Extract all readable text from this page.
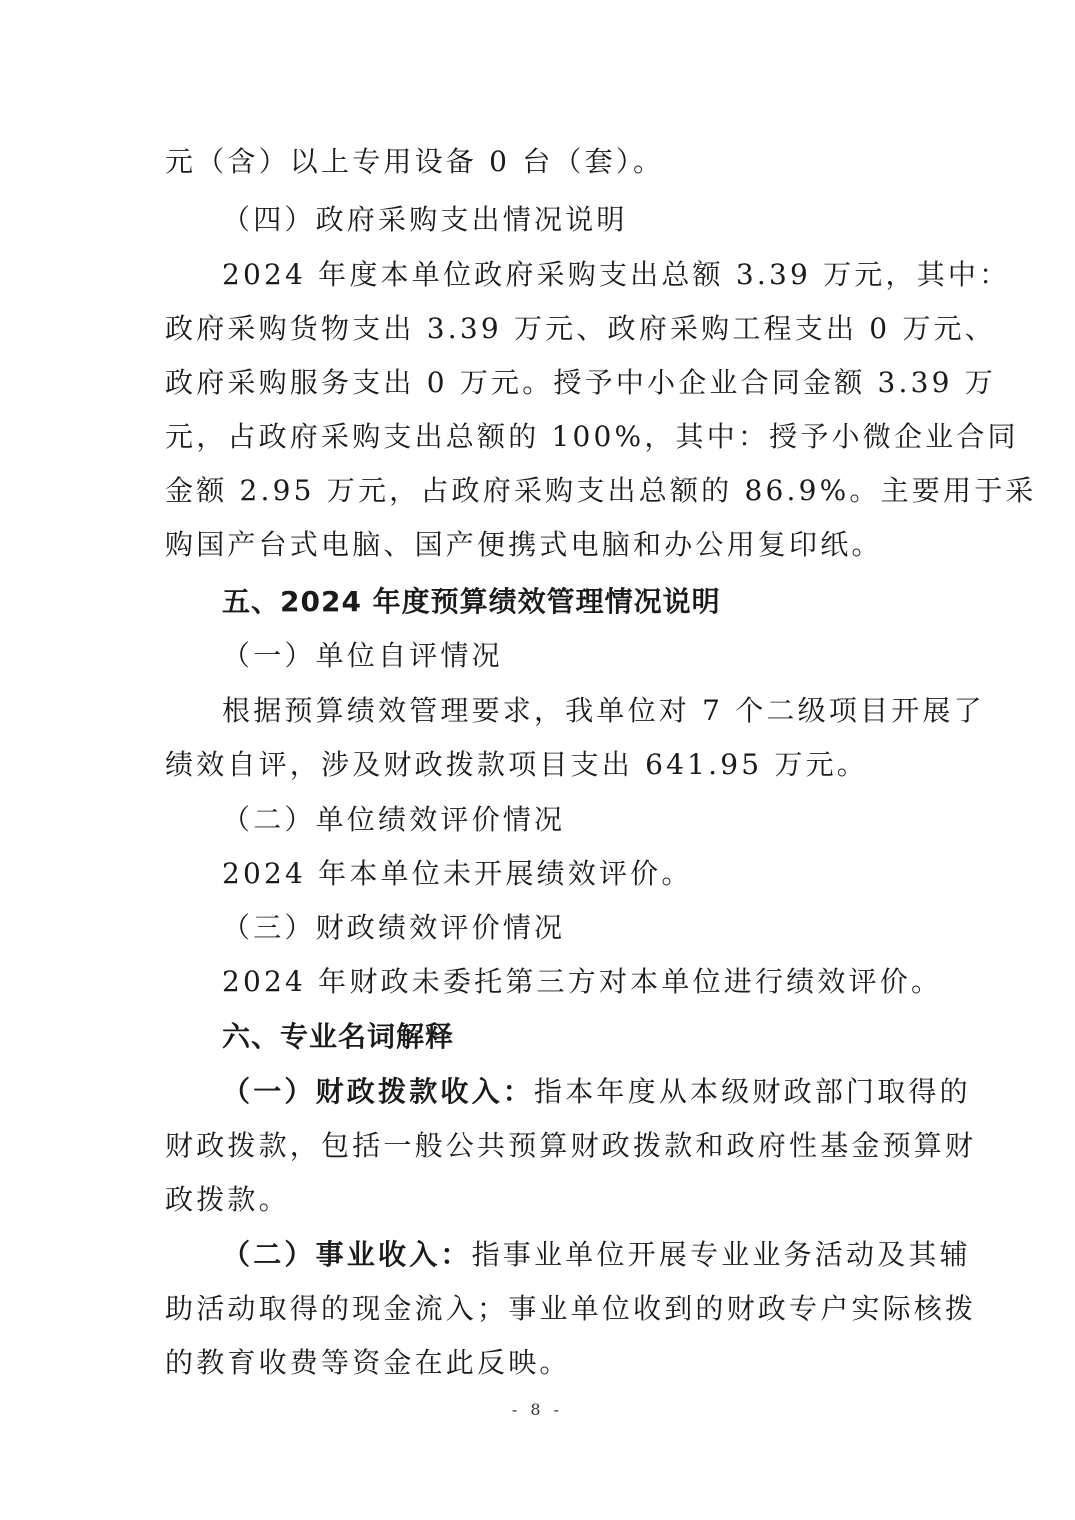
元（含）以上专用设备 0 台（套）。
（四）政府采购支出情况说明
2024 年度本单位政府采购支出总额 3.39 万元，其中：
政府采购货物支出 3.39 万元、政府采购工程支出 0 万元、
政府采购服务支出 0 万元。授予中小企业合同金额 3.39 万
元，占政府采购支出总额的 100%，其中：授予小微企业合同
金额 2.95 万元，占政府采购支出总额的 86.9%。主要用于采
购国产台式电脑、国产便携式电脑和办公用复印纸。
五、2024 年度预算绩效管理情况说明
（一）单位自评情况
根据预算绩效管理要求，我单位对 7 个二级项目开展了
绩效自评，涉及财政拨款项目支出 641.95 万元。
（二）单位绩效评价情况
2024 年本单位未开展绩效评价。
（三）财政绩效评价情况
2024 年财政未委托第三方对本单位进行绩效评价。
六、专业名词解释
（一）财政拨款收入：指本年度从本级财政部门取得的
财政拨款，包括一般公共预算财政拨款和政府性基金预算财
政拨款。
（二）事业收入：指事业单位开展专业业务活动及其辅
助活动取得的现金流入；事业单位收到的财政专户实际核拨
的教育收费等资金在此反映。
- 8 -
